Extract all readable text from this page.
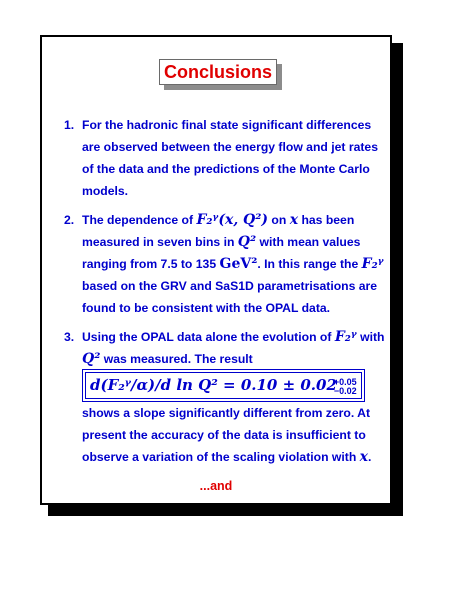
Conclusions
1. For the hadronic final state significant differences are observed between the energy flow and jet rates of the data and the predictions of the Monte Carlo models.
2. The dependence of F₂ᵞ(x, Q²) on x has been measured in seven bins in Q² with mean values ranging from 7.5 to 135 GeV². In this range the F₂ᵞ based on the GRV and SaS1D parametrisations are found to be consistent with the OPAL data.
3. Using the OPAL data alone the evolution of F₂ᵞ with Q² was measured. The result
d(F₂ᵞ/α)/d ln Q² = 0.10 ± 0.02+0.05
−0.02
shows a slope significantly different from zero. At present the accuracy of the data is insufficient to observe a variation of the scaling violation with x.
...and
